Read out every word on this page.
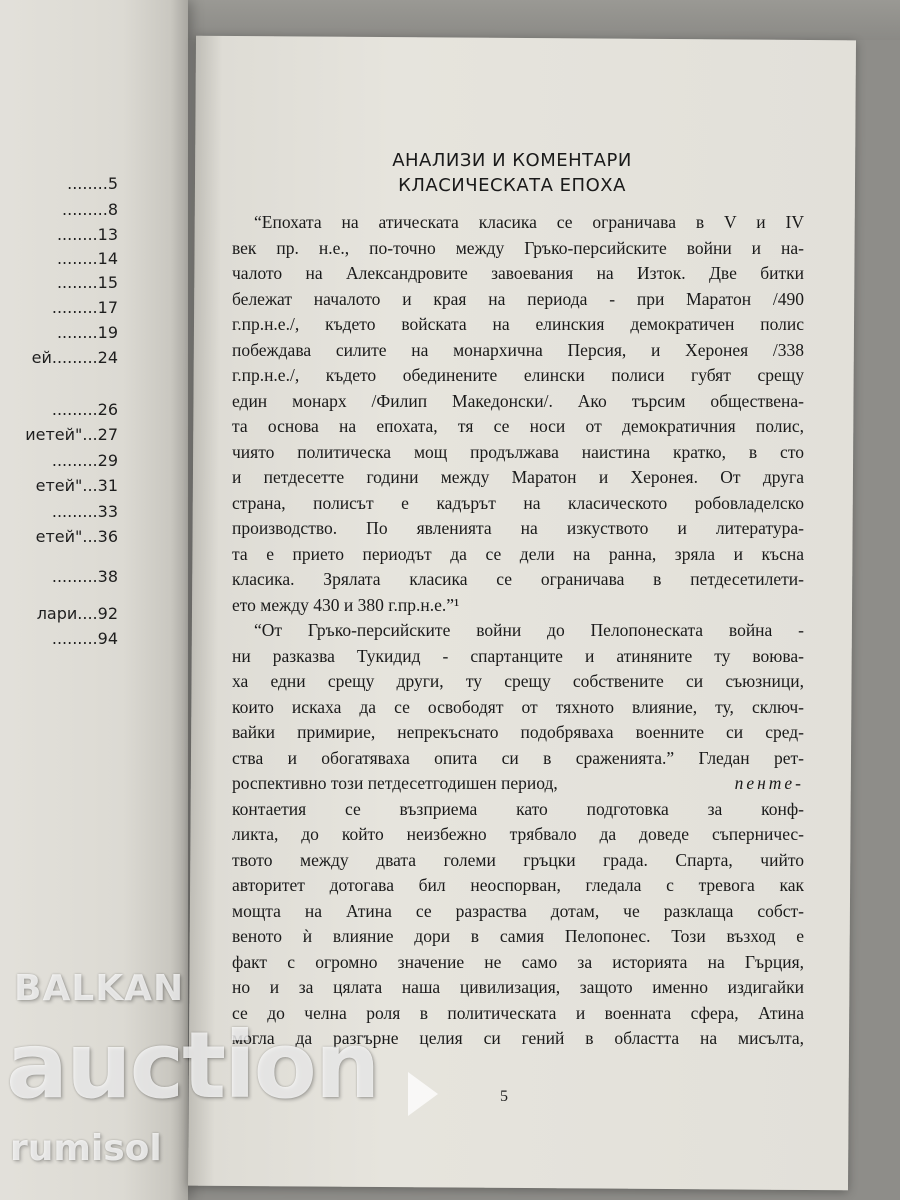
........5
.........8
........13
........14
........15
.........17
........19
ей.........24
.........26
иетей"...27
.........29
етей"...31
.........33
етей"...36
.........38
лари....92
.........94
АНАЛИЗИ И КОМЕНТАРИ
КЛАСИЧЕСКАТА ЕПОХА
“Епохата на атическата класика се ограничава в V и IV
век пр. н.е., по-точно между Гръко-персийските войни и на-
чалото на Александровите завоевания на Изток. Две битки
бележат началото и края на периода - при Маратон /490
г.пр.н.е./, където войската на елинския демократичен полис
побеждава силите на монархична Персия, и Херонея /338
г.пр.н.е./, където обединените елински полиси губят срещу
един монарх /Филип Македонски/. Ако търсим обществена-
та основа на епохата, тя се носи от демократичния полис,
чиято политическа мощ продължава наистина кратко, в сто
и петдесетте години между Маратон и Херонея. От друга
страна, полисът е кадърът на класическото робовладелско
производство. По явленията на изкуството и литература-
та е прието периодът да се дели на ранна, зряла и късна
класика. Зрялата класика се ограничава в петдесетилети-
ето между 430 и 380 г.пр.н.е.”¹
“От Гръко-персийските войни до Пелопонеската война -
ни разказва Тукидид - спартанците и атиняните ту воюва-
ха едни срещу други, ту срещу собствените си съюзници,
които искаха да се освободят от тяхното влияние, ту, сключ-
вайки примирие, непрекъснато подобряваха военните си сред-
ства и обогатяваха опита си в сраженията.” Гледан рет-
роспективно този петдесетгодишен период,	пенте-
контаетия се възприема като подготовка за конф-
ликта, до който неизбежно трябвало да доведе съперничес-
твото между двата големи гръцки града. Спарта, чийто
авторитет дотогава бил неоспорван, гледала с тревога как
мощта на Атина се разраства дотам, че разклаща собст-
веното ѝ влияние дори в самия Пелопонес. Този възход е
факт с огромно значение не само за историята на Гърция,
но и за цялата наша цивилизация, защото именно издигайки
се до челна роля в политическата и военната сфера, Атина
могла да разгърне целия си гений в областта на мисълта,
5
BALKAN
auction
rumisol
